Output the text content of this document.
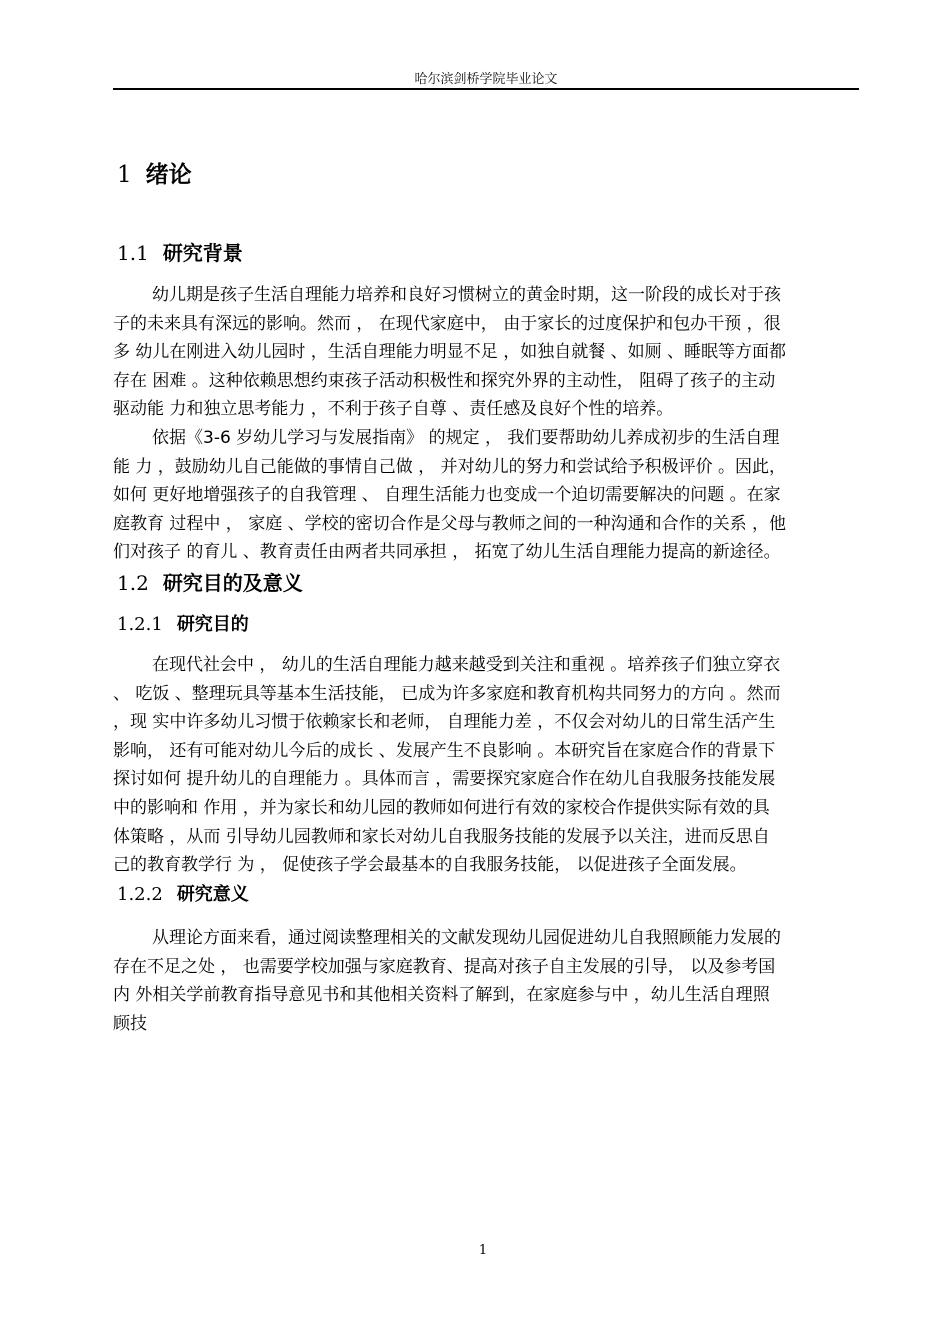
哈尔滨剑桥学院毕业论文
1 绪论
1.1 研究背景

幼儿期是孩子生活自理能力培养和良好习惯树立的黄金时期，这一阶段的成长对于孩
子的未来具有深远的影响。然而 ， 在现代家庭中， 由于家长的过度保护和包办干预 ，很
多 幼儿在刚进入幼儿园时 ，生活自理能力明显不足 ，如独自就餐 、如厕 、睡眠等方面都
存在 困难 。这种依赖思想约束孩子活动积极性和探究外界的主动性， 阻碍了孩子的主动
驱动能 力和独立思考能力 ，不利于孩子自尊 、责任感及良好个性的培养。

依据《3-6 岁幼儿学习与发展指南》 的规定 ， 我们要帮助幼儿养成初步的生活自理
能 力 ，鼓励幼儿自己能做的事情自己做 ， 并对幼儿的努力和尝试给予积极评价 。因此，
如何 更好地增强孩子的自我管理 、 自理生活能力也变成一个迫切需要解决的问题 。在家
庭教育 过程中 ， 家庭 、学校的密切合作是父母与教师之间的一种沟通和合作的关系 ，他
们对孩子 的育儿 、教育责任由两者共同承担 ， 拓宽了幼儿生活自理能力提高的新途径。

1.2 研究目的及意义
1.2.1 研究目的

在现代社会中 ， 幼儿的生活自理能力越来越受到关注和重视 。培养孩子们独立穿衣
、 吃饭 、整理玩具等基本生活技能， 已成为许多家庭和教育机构共同努力的方向 。然而
，现 实中许多幼儿习惯于依赖家长和老师， 自理能力差 ，不仅会对幼儿的日常生活产生
影响， 还有可能对幼儿今后的成长 、发展产生不良影响 。本研究旨在家庭合作的背景下
探讨如何 提升幼儿的自理能力 。具体而言 ，需要探究家庭合作在幼儿自我服务技能发展
中的影响和 作用 ，并为家长和幼儿园的教师如何进行有效的家校合作提供实际有效的具
体策略 ，从而 引导幼儿园教师和家长对幼儿自我服务技能的发展予以关注，进而反思自
己的教育教学行 为 ， 促使孩子学会最基本的自我服务技能， 以促进孩子全面发展。

1.2.2 研究意义

从理论方面来看，通过阅读整理相关的文献发现幼儿园促进幼儿自我照顾能力发展的
存在不足之处 ， 也需要学校加强与家庭教育、提高对孩子自主发展的引导， 以及参考国
内 外相关学前教育指导意见书和其他相关资料了解到，在家庭参与中 ，幼儿生活自理照
顾技

1
